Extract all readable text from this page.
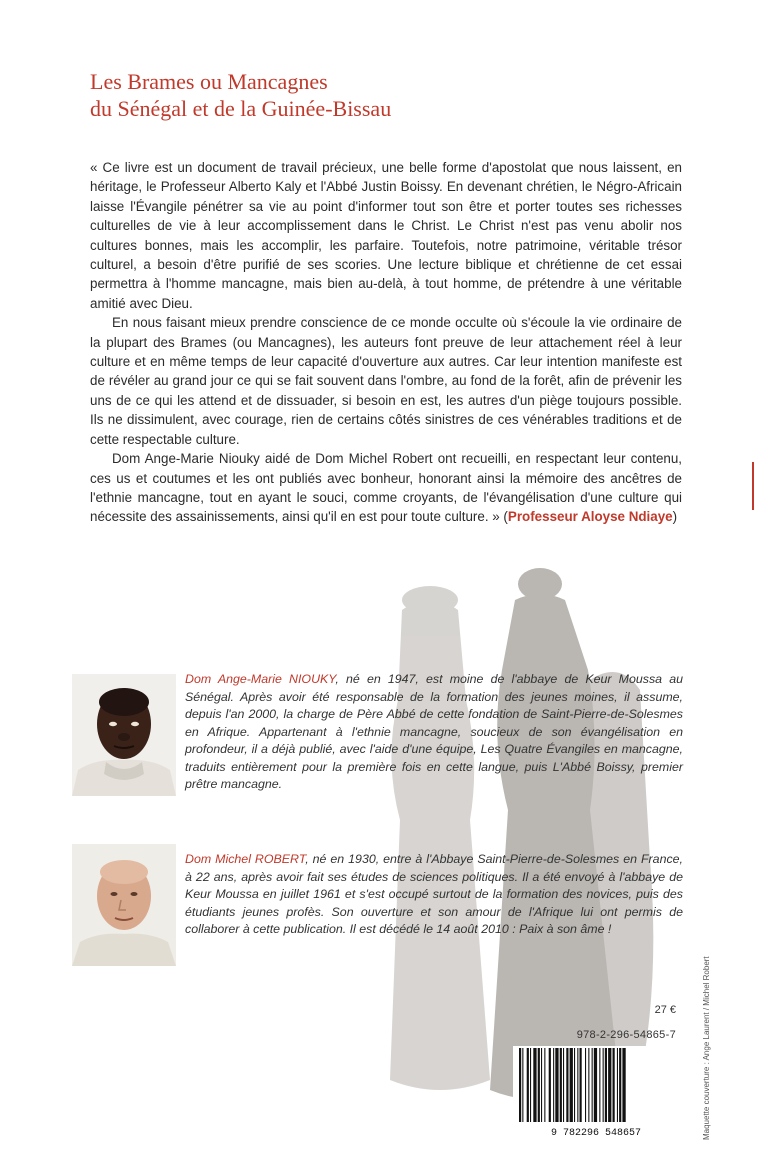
Les Brames ou Mancagnes
du Sénégal et de la Guinée-Bissau

« Ce livre est un document de travail précieux, une belle forme d'apostolat que nous laissent, en héritage, le Professeur Alberto Kaly et l'Abbé Justin Boissy. En devenant chrétien, le Négro-Africain laisse l'Évangile pénétrer sa vie au point d'informer tout son être et porter toutes ses richesses culturelles de vie à leur accomplissement dans le Christ. Le Christ n'est pas venu abolir nos cultures bonnes, mais les accomplir, les parfaire. Toutefois, notre patrimoine, véritable trésor culturel, a besoin d'être purifié de ses scories. Une lecture biblique et chrétienne de cet essai permettra à l'homme mancagne, mais bien au-delà, à tout homme, de prétendre à une véritable amitié avec Dieu.

En nous faisant mieux prendre conscience de ce monde occulte où s'écoule la vie ordinaire de la plupart des Brames (ou Mancagnes), les auteurs font preuve de leur attachement réel à leur culture et en même temps de leur capacité d'ouverture aux autres. Car leur intention manifeste est de révéler au grand jour ce qui se fait souvent dans l'ombre, au fond de la forêt, afin de prévenir les uns de ce qui les attend et de dissuader, si besoin en est, les autres d'un piège toujours possible. Ils ne dissimulent, avec courage, rien de certains côtés sinistres de ces vénérables traditions et de cette respectable culture.

Dom Ange-Marie Niouky aidé de Dom Michel Robert ont recueilli, en respectant leur contenu, ces us et coutumes et les ont publiés avec bonheur, honorant ainsi la mémoire des ancêtres de l'ethnie mancagne, tout en ayant le souci, comme croyants, de l'évangélisation d'une culture qui nécessite des assainissements, ainsi qu'il en est pour toute culture. » (Professeur Aloyse Ndiaye)

Dom Ange-Marie NIOUKY, né en 1947, est moine de l'abbaye de Keur Moussa au Sénégal. Après avoir été responsable de la formation des jeunes moines, il assume, depuis l'an 2000, la charge de Père Abbé de cette fondation de Saint-Pierre-de-Solesmes en Afrique. Appartenant à l'ethnie mancagne, soucieux de son évangélisation en profondeur, il a déjà publié, avec l'aide d'une équipe, Les Quatre Évangiles en mancagne, traduits entièrement pour la première fois en cette langue, puis L'Abbé Boissy, premier prêtre mancagne.
Dom Michel ROBERT, né en 1930, entre à l'Abbaye Saint-Pierre-de-Solesmes en France, à 22 ans, après avoir fait ses études de sciences politiques. Il a été envoyé à l'abbaye de Keur Moussa en juillet 1961 et s'est occupé surtout de la formation des novices, puis des étudiants jeunes profès. Son ouverture et son amour de l'Afrique lui ont permis de collaborer à cette publication. Il est décédé le 14 août 2010 : Paix à son âme !
27 €
978-2-296-54865-7
9 782296 548657	Maquette couverture : Ange Laurent / Michel Robert
